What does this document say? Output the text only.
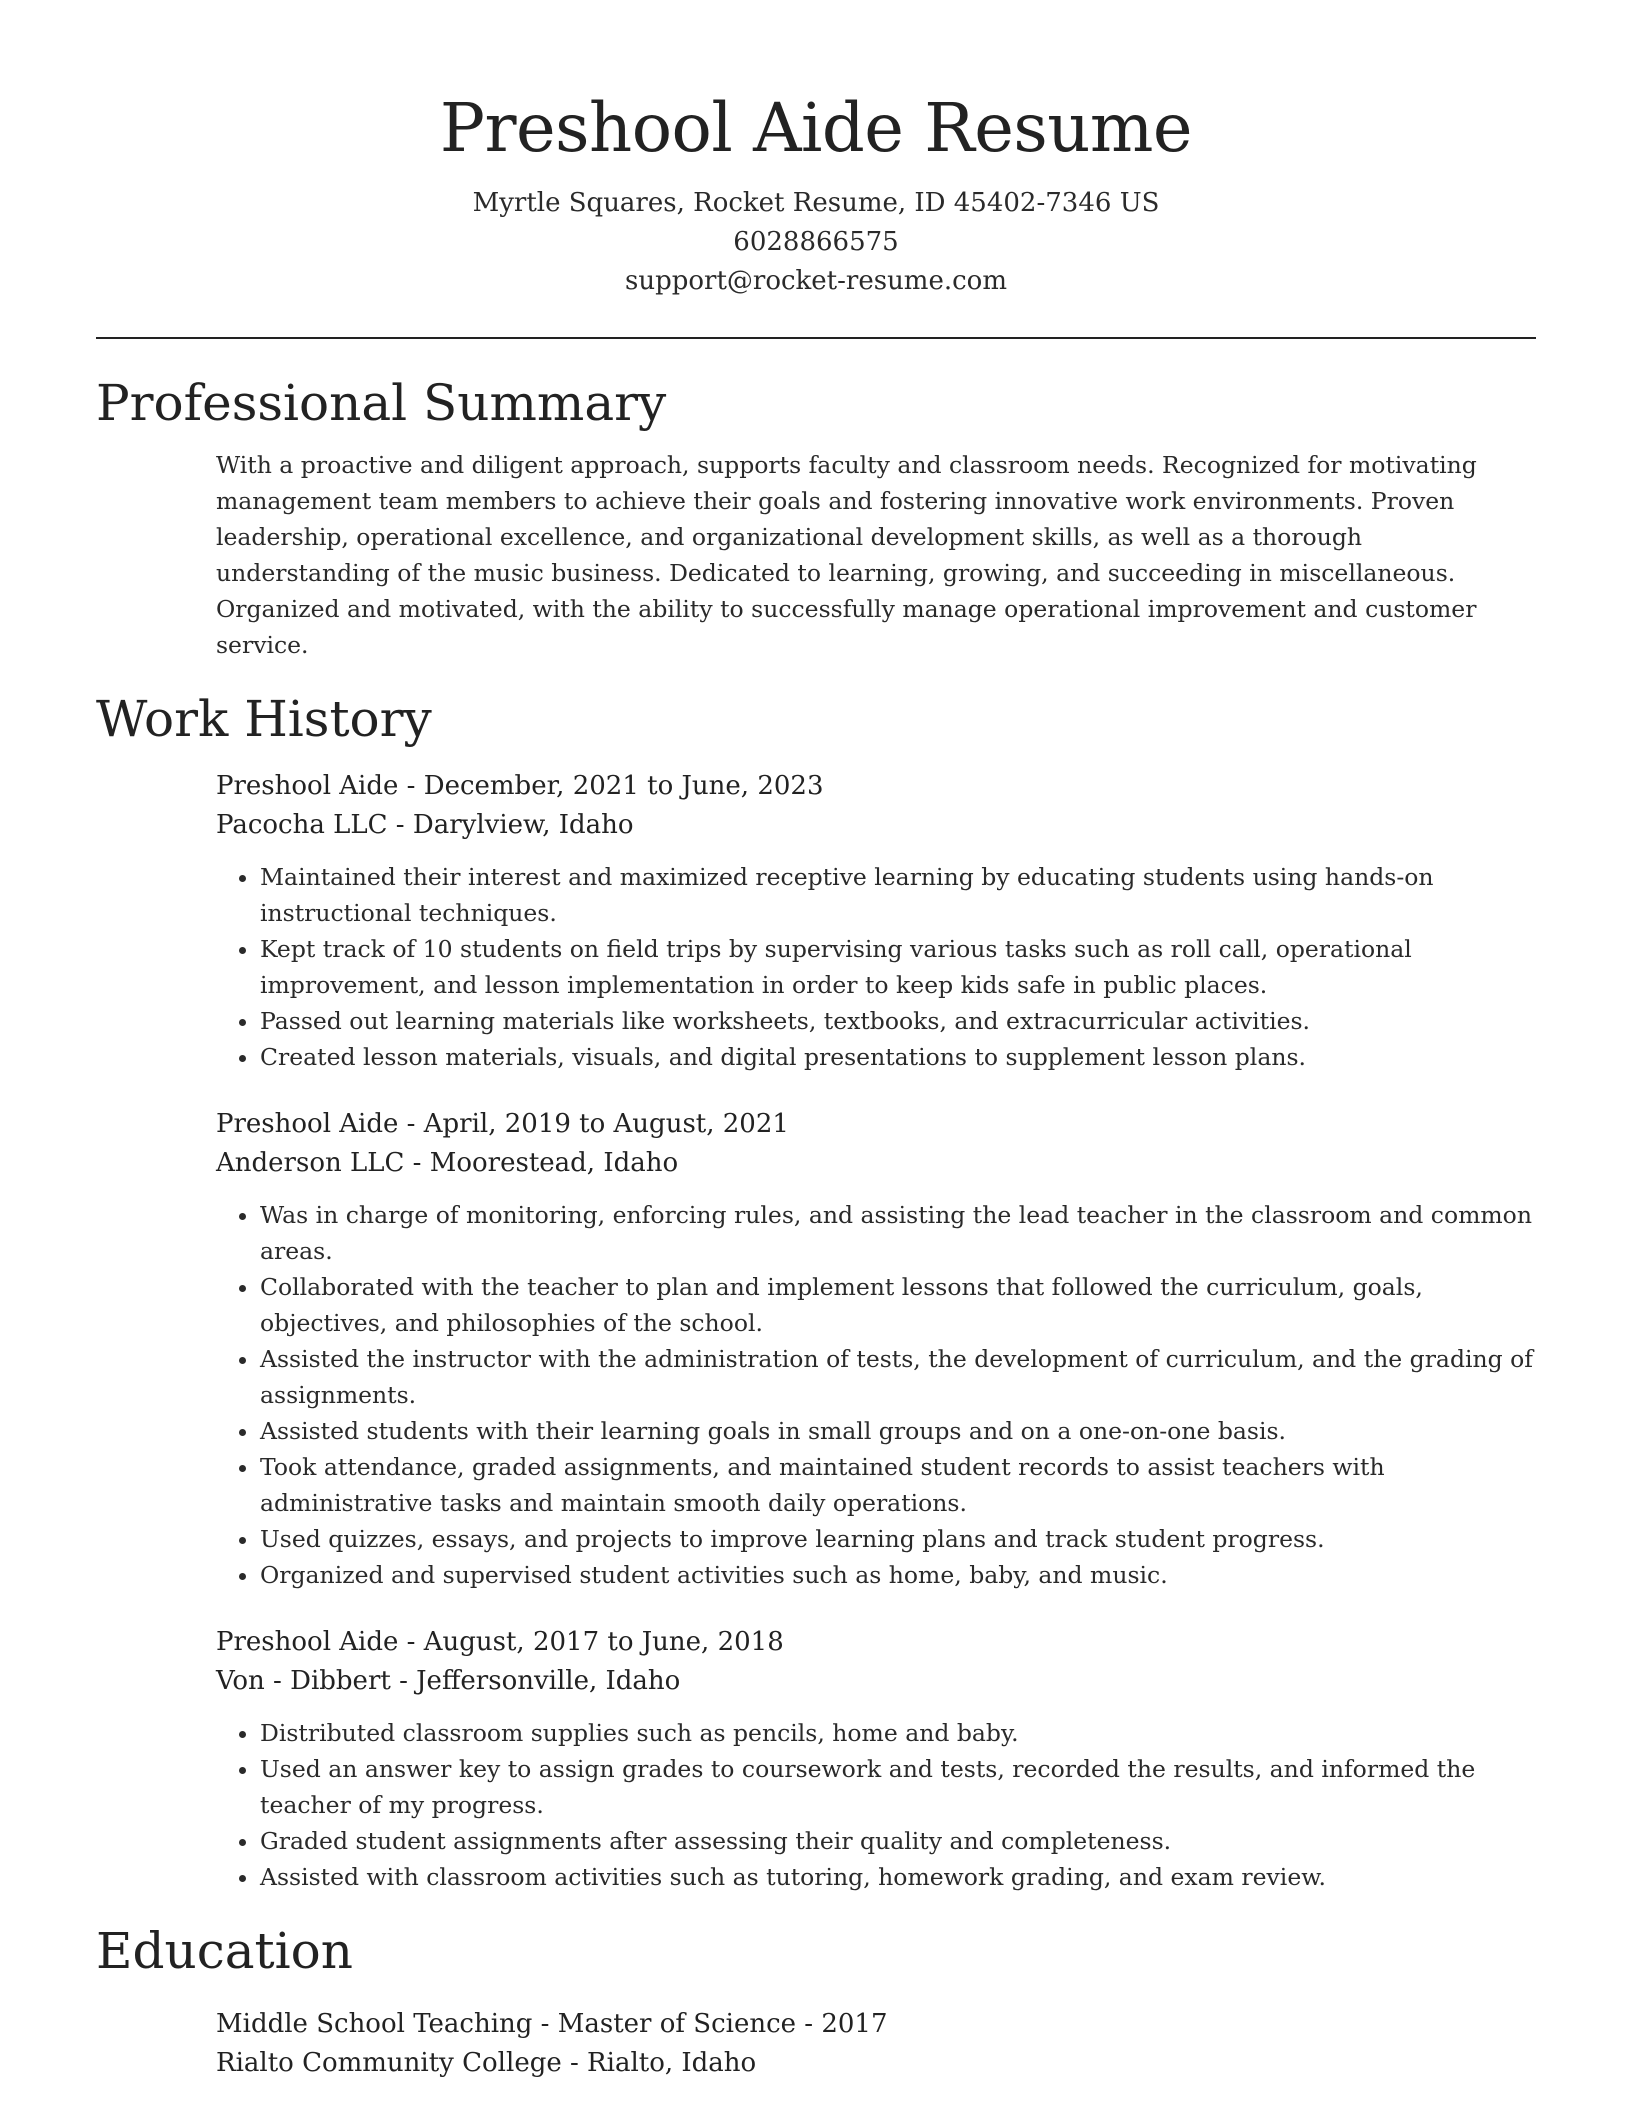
Preshool Aide Resume
Myrtle Squares, Rocket Resume, ID 45402-7346 US
6028866575
support@rocket-resume.com
Professional Summary
With a proactive and diligent approach, supports faculty and classroom needs. Recognized for motivating management team members to achieve their goals and fostering innovative work environments. Proven leadership, operational excellence, and organizational development skills, as well as a thorough understanding of the music business. Dedicated to learning, growing, and succeeding in miscellaneous. Organized and motivated, with the ability to successfully manage operational improvement and customer service.
Work History
Preshool Aide - December, 2021 to June, 2023
Pacocha LLC - Darylview, Idaho
• Maintained their interest and maximized receptive learning by educating students using hands-on instructional techniques.
• Kept track of 10 students on field trips by supervising various tasks such as roll call, operational improvement, and lesson implementation in order to keep kids safe in public places.
• Passed out learning materials like worksheets, textbooks, and extracurricular activities.
• Created lesson materials, visuals, and digital presentations to supplement lesson plans.
Preshool Aide - April, 2019 to August, 2021
Anderson LLC - Moorestead, Idaho
• Was in charge of monitoring, enforcing rules, and assisting the lead teacher in the classroom and common areas.
• Collaborated with the teacher to plan and implement lessons that followed the curriculum, goals, objectives, and philosophies of the school.
• Assisted the instructor with the administration of tests, the development of curriculum, and the grading of assignments.
• Assisted students with their learning goals in small groups and on a one-on-one basis.
• Took attendance, graded assignments, and maintained student records to assist teachers with administrative tasks and maintain smooth daily operations.
• Used quizzes, essays, and projects to improve learning plans and track student progress.
• Organized and supervised student activities such as home, baby, and music.
Preshool Aide - August, 2017 to June, 2018
Von - Dibbert - Jeffersonville, Idaho
• Distributed classroom supplies such as pencils, home and baby.
• Used an answer key to assign grades to coursework and tests, recorded the results, and informed the teacher of my progress.
• Graded student assignments after assessing their quality and completeness.
• Assisted with classroom activities such as tutoring, homework grading, and exam review.
Education
Middle School Teaching - Master of Science - 2017
Rialto Community College - Rialto, Idaho
